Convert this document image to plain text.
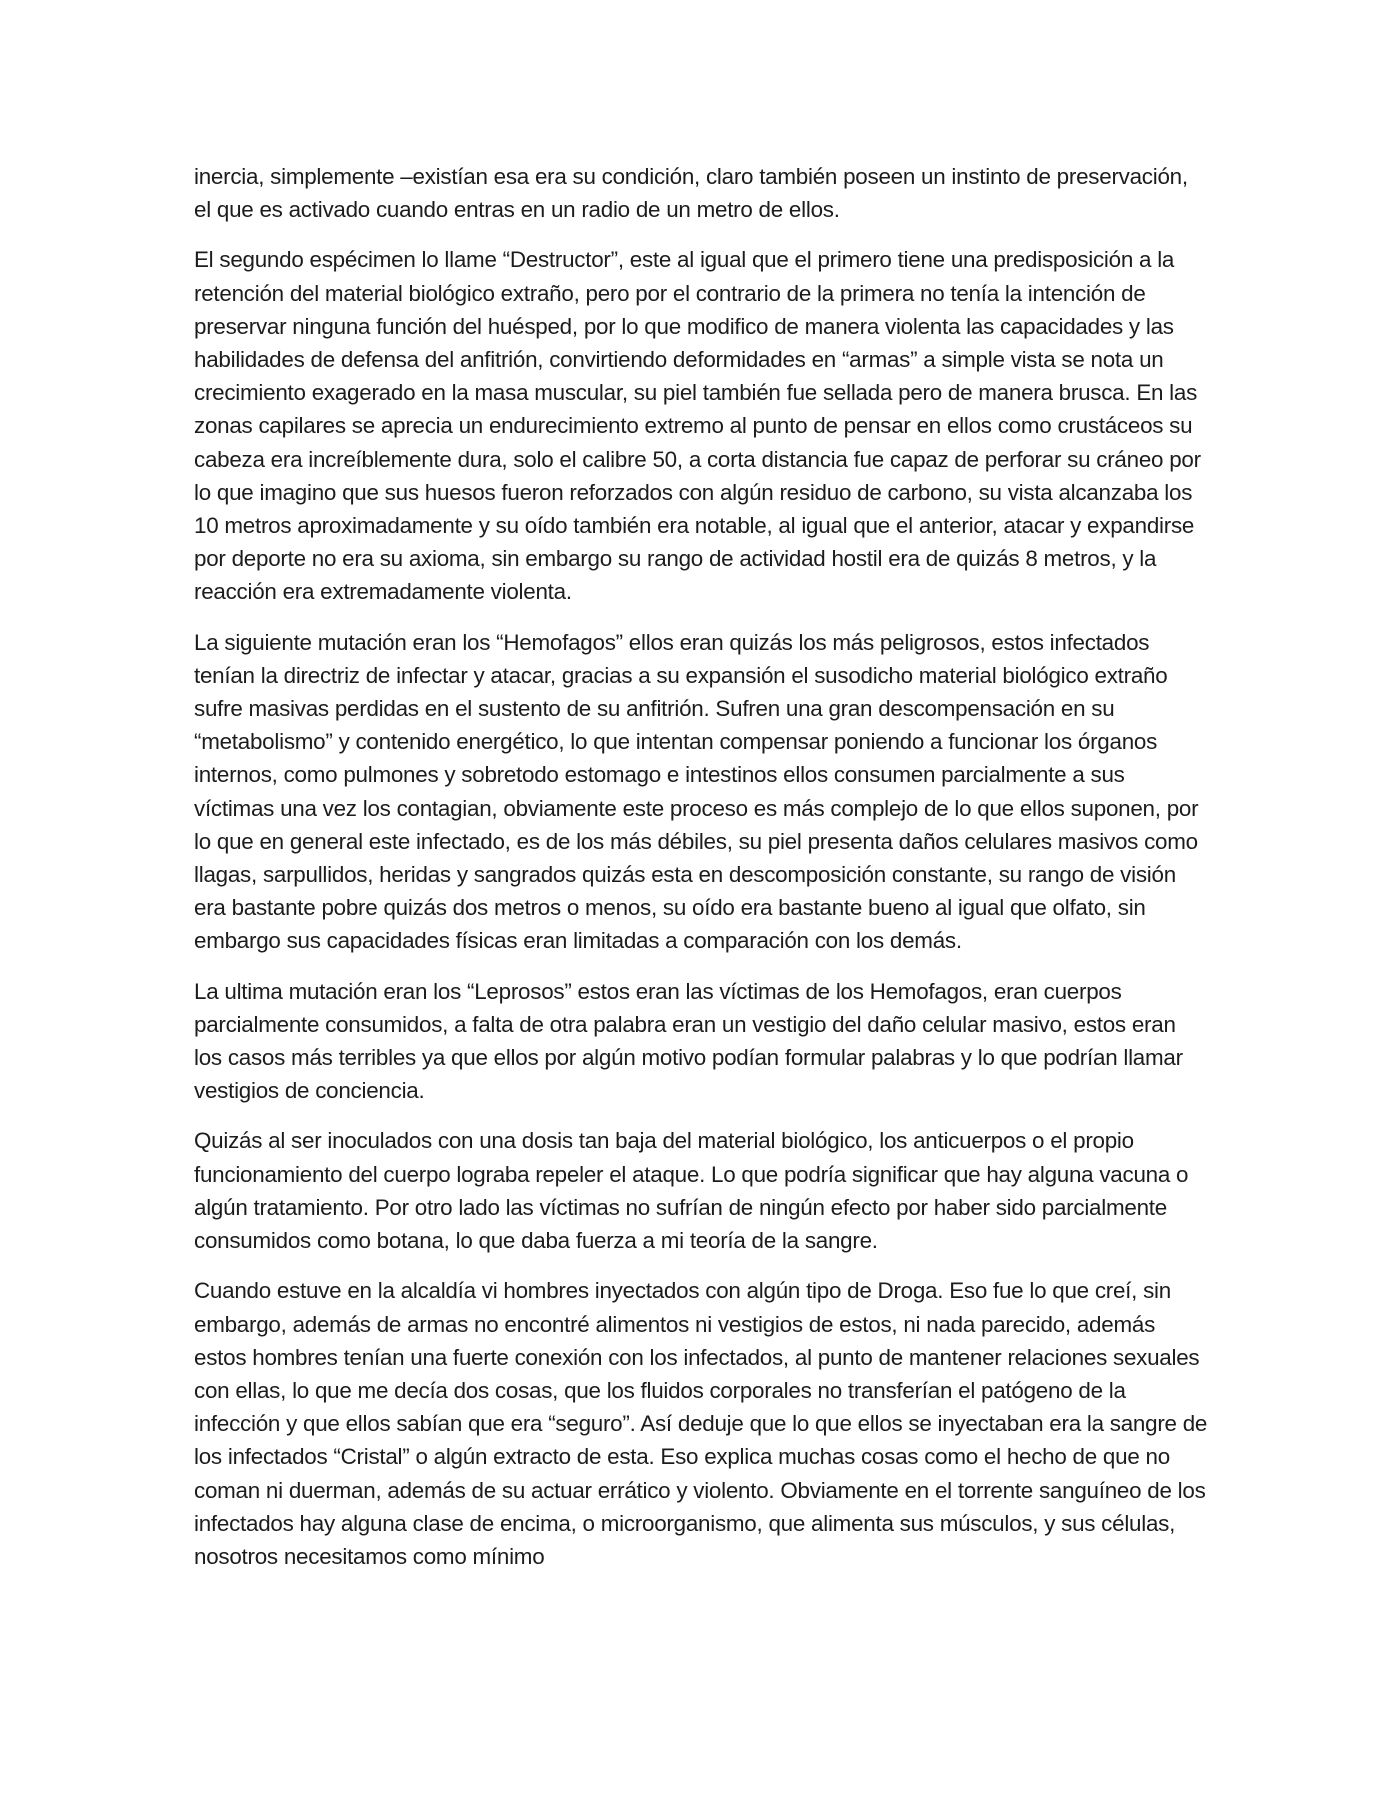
inercia, simplemente –existían esa era su condición, claro también poseen un instinto de preservación, el que es activado cuando entras en un radio de un metro de ellos.

El segundo espécimen lo llame “Destructor”, este al igual que el primero tiene una predisposición a la retención del material biológico extraño, pero por el contrario de la primera no tenía la intención de preservar ninguna función del huésped, por lo que modifico de manera violenta las capacidades y las habilidades de defensa del anfitrión, convirtiendo deformidades en “armas” a simple vista se nota un crecimiento exagerado en la masa muscular, su piel también fue sellada pero de manera brusca. En las zonas capilares se aprecia un endurecimiento extremo al punto de pensar en ellos como crustáceos su cabeza era increíblemente dura, solo el calibre 50, a corta distancia fue capaz de perforar su cráneo por lo que imagino que sus huesos fueron reforzados con algún residuo de carbono, su vista alcanzaba los 10 metros aproximadamente y su oído también era notable, al igual que el anterior, atacar y expandirse por deporte no era su axioma, sin embargo su rango de actividad hostil era de quizás 8 metros, y la reacción era extremadamente violenta.

La siguiente mutación eran los “Hemofagos” ellos eran quizás los más peligrosos, estos infectados tenían la directriz de infectar y atacar, gracias a su expansión el susodicho material biológico extraño sufre masivas perdidas en el sustento de su anfitrión. Sufren una gran descompensación en su “metabolismo” y contenido energético, lo que intentan compensar poniendo a funcionar los órganos internos, como pulmones y sobretodo estomago e intestinos ellos consumen parcialmente a sus víctimas una vez los contagian, obviamente este proceso es más complejo de lo que ellos suponen, por lo que en general este infectado, es de los más débiles, su piel presenta daños celulares masivos como llagas, sarpullidos, heridas y sangrados quizás esta en descomposición constante, su rango de visión era bastante pobre quizás dos metros o menos, su oído era bastante bueno al igual que olfato, sin embargo sus capacidades físicas eran limitadas a comparación con los demás.

La ultima mutación eran los “Leprosos” estos eran las víctimas de los Hemofagos, eran cuerpos parcialmente consumidos, a falta de otra palabra eran un vestigio del daño celular masivo, estos eran los casos más terribles ya que ellos por algún motivo podían formular palabras y lo que podrían llamar vestigios de conciencia.

Quizás al ser inoculados con una dosis tan baja del material biológico, los anticuerpos o el propio funcionamiento del cuerpo lograba repeler el ataque. Lo que podría significar que hay alguna vacuna o algún tratamiento. Por otro lado las víctimas no sufrían de ningún efecto por haber sido parcialmente consumidos como botana, lo que daba fuerza a mi teoría de la sangre.

Cuando estuve en la alcaldía vi hombres inyectados con algún tipo de Droga. Eso fue lo que creí, sin embargo, además de armas no encontré alimentos ni vestigios de estos, ni nada parecido, además estos hombres tenían una fuerte conexión con los infectados, al punto de mantener relaciones sexuales con ellas, lo que me decía dos cosas, que los fluidos corporales no transferían el patógeno de la infección y que ellos sabían que era “seguro”. Así deduje que lo que ellos se inyectaban era la sangre de los infectados “Cristal” o algún extracto de esta. Eso explica muchas cosas como el hecho de que no coman ni duerman, además de su actuar errático y violento. Obviamente en el torrente sanguíneo de los infectados hay alguna clase de encima, o microorganismo, que alimenta sus músculos, y sus células, nosotros necesitamos como mínimo
